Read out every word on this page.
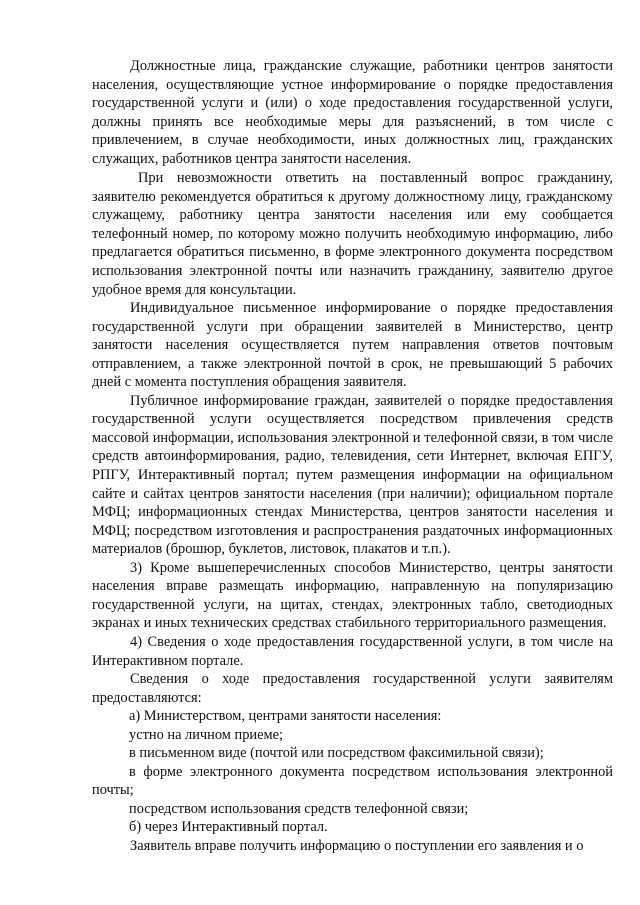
Должностные лица, гражданские служащие, работники центров занятости населения, осуществляющие устное информирование о порядке предоставления государственной услуги и (или) о ходе предоставления государственной услуги, должны принять все необходимые меры для разъяснений, в том числе с привлечением, в случае необходимости, иных должностных лиц, гражданских служащих, работников центра занятости населения.

При невозможности ответить на поставленный вопрос гражданину, заявителю рекомендуется обратиться к другому должностному лицу, гражданскому служащему, работнику центра занятости населения или ему сообщается телефонный номер, по которому можно получить необходимую информацию, либо предлагается обратиться письменно, в форме электронного документа посредством использования электронной почты или назначить гражданину, заявителю другое удобное время для консультации.

Индивидуальное письменное информирование о порядке предоставления государственной услуги при обращении заявителей в Министерство, центр занятости населения осуществляется путем направления ответов почтовым отправлением, а также электронной почтой в срок, не превышающий 5 рабочих дней с момента поступления обращения заявителя.

Публичное информирование граждан, заявителей о порядке предоставления государственной услуги осуществляется посредством привлечения средств массовой информации, использования электронной и телефонной связи, в том числе средств автоинформирования, радио, телевидения, сети Интернет, включая ЕПГУ, РПГУ, Интерактивный портал; путем размещения информации на официальном сайте и сайтах центров занятости населения (при наличии); официальном портале МФЦ; информационных стендах Министерства, центров занятости населения и МФЦ; посредством изготовления и распространения раздаточных информационных материалов (брошюр, буклетов, листовок, плакатов и т.п.).

3) Кроме вышеперечисленных способов Министерство, центры занятости населения вправе размещать информацию, направленную на популяризацию государственной услуги, на щитах, стендах, электронных табло, светодиодных экранах и иных технических средствах стабильного территориального размещения.

4) Сведения о ходе предоставления государственной услуги, в том числе на Интерактивном портале.

Сведения о ходе предоставления государственной услуги заявителям предоставляются:

а) Министерством, центрами занятости населения:

устно на личном приеме;

в письменном виде (почтой или посредством факсимильной связи);

в форме электронного документа посредством использования электронной почты;

посредством использования средств телефонной связи;

б) через Интерактивный портал.

Заявитель вправе получить информацию о поступлении его заявления и о
